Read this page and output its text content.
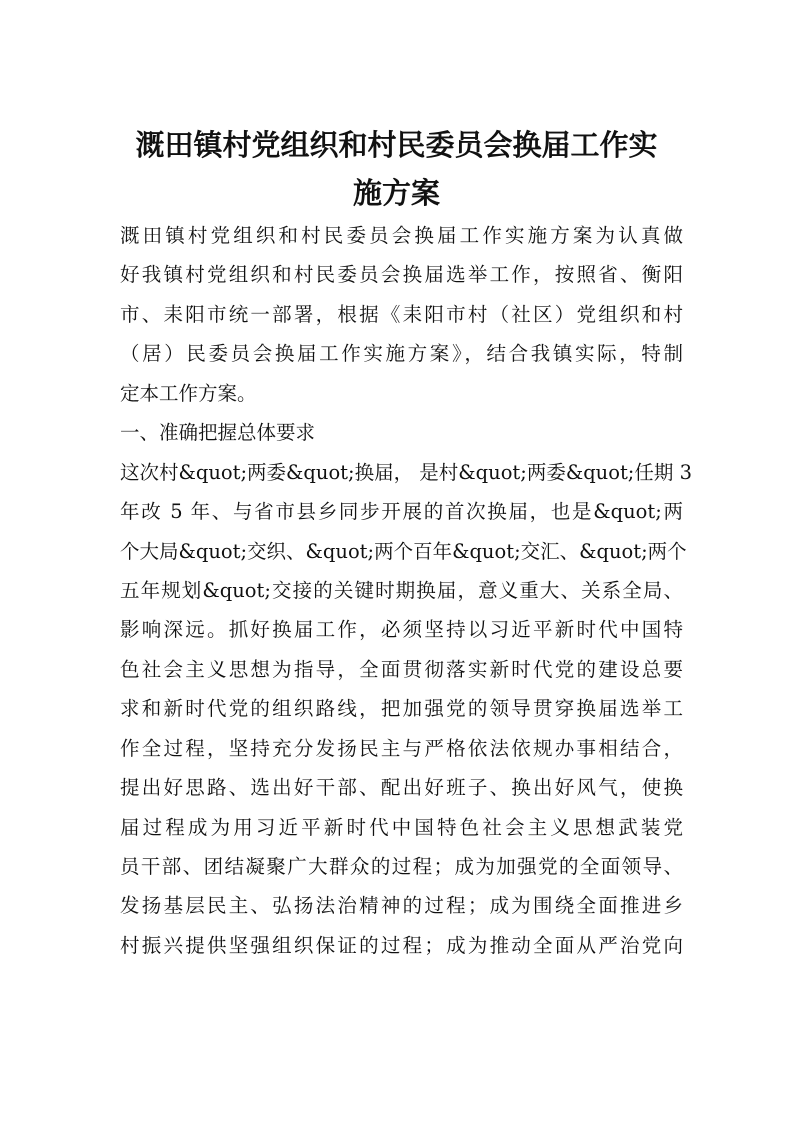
溉田镇村党组织和村民委员会换届工作实
施方案
溉田镇村党组织和村民委员会换届工作实施方案为认真做
好我镇村党组织和村民委员会换届选举工作，按照省、衡阳
市、耒阳市统一部署，根据《耒阳市村（社区）党组织和村
（居）民委员会换届工作实施方案》，结合我镇实际，特制
定本工作方案。
一、准确把握总体要求
这次村&quot;两委&quot;换届， 是村&quot;两委&quot;任期 3
年改 5 年、与省市县乡同步开展的首次换届，也是&quot;两
个大局&quot;交织、&quot;两个百年&quot;交汇、&quot;两个
五年规划&quot;交接的关键时期换届，意义重大、关系全局、
影响深远。抓好换届工作，必须坚持以习近平新时代中国特
色社会主义思想为指导，全面贯彻落实新时代党的建设总要
求和新时代党的组织路线，把加强党的领导贯穿换届选举工
作全过程，坚持充分发扬民主与严格依法依规办事相结合，
提出好思路、选出好干部、配出好班子、换出好风气，使换
届过程成为用习近平新时代中国特色社会主义思想武装党
员干部、团结凝聚广大群众的过程；成为加强党的全面领导、
发扬基层民主、弘扬法治精神的过程；成为围绕全面推进乡
村振兴提供坚强组织保证的过程；成为推动全面从严治党向
